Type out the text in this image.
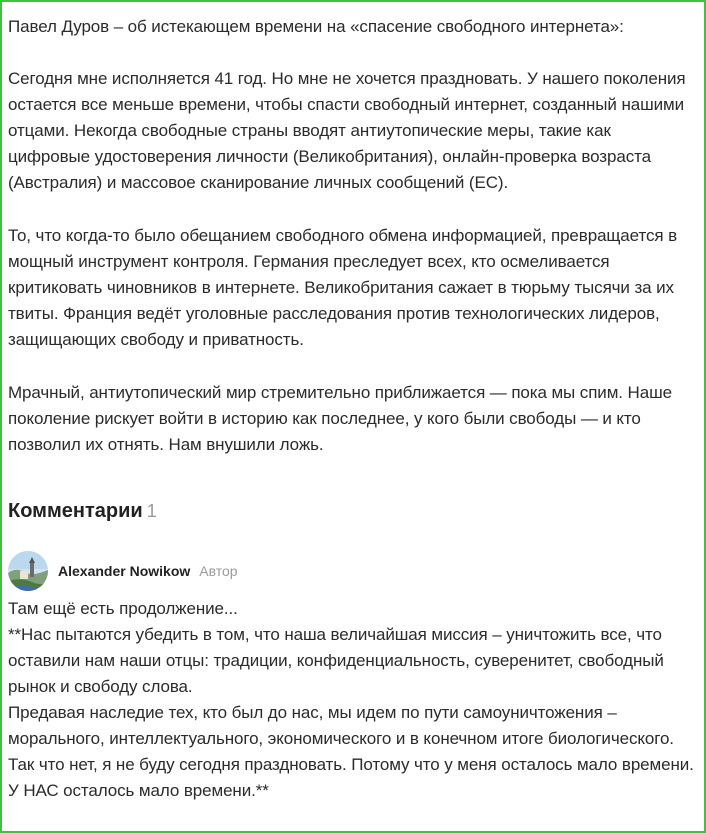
Павел Дуров – об истекающем времени на «спасение свободного интернета»:

Сегодня мне исполняется 41 год. Но мне не хочется праздновать. У нашего поколения остается все меньше времени, чтобы спасти свободный интернет, созданный нашими отцами. Некогда свободные страны вводят антиутопические меры, такие как цифровые удостоверения личности (Великобритания), онлайн-проверка возраста (Австралия) и массовое сканирование личных сообщений (ЕС).

То, что когда-то было обещанием свободного обмена информацией, превращается в мощный инструмент контроля. Германия преследует всех, кто осмеливается критиковать чиновников в интернете. Великобритания сажает в тюрьму тысячи за их твиты. Франция ведёт уголовные расследования против технологических лидеров, защищающих свободу и приватность.

Мрачный, антиутопический мир стремительно приближается — пока мы спим. Наше поколение рискует войти в историю как последнее, у кого были свободы — и кто позволил их отнять. Нам внушили ложь.

Комментарии 1
Alexander Nowikow Автор

Там ещё есть продолжение...

**Нас пытаются убедить в том, что наша величайшая миссия – уничтожить все, что оставили нам наши отцы: традиции, конфиденциальность, суверенитет, свободный рынок и свободу слова.

Предавая наследие тех, кто был до нас, мы идем по пути самоуничтожения – морального, интеллектуального, экономического и в конечном итоге биологического.

Так что нет, я не буду сегодня праздновать. Потому что у меня осталось мало времени. У НАС осталось мало времени.**
